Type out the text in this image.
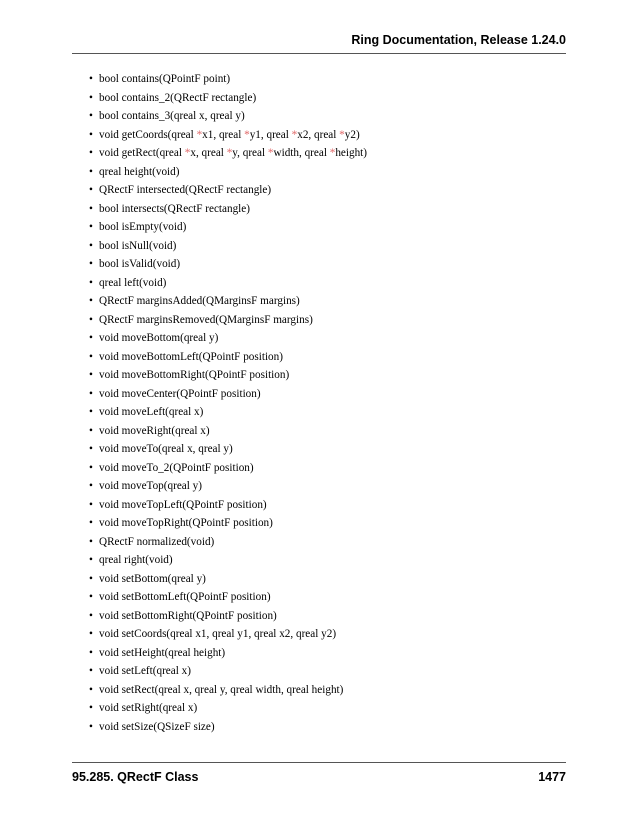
Ring Documentation, Release 1.24.0
• bool contains(QPointF point)
• bool contains_2(QRectF rectangle)
• bool contains_3(qreal x, qreal y)
• void getCoords(qreal *x1, qreal *y1, qreal *x2, qreal *y2)
• void getRect(qreal *x, qreal *y, qreal *width, qreal *height)
• qreal height(void)
• QRectF intersected(QRectF rectangle)
• bool intersects(QRectF rectangle)
• bool isEmpty(void)
• bool isNull(void)
• bool isValid(void)
• qreal left(void)
• QRectF marginsAdded(QMarginsF margins)
• QRectF marginsRemoved(QMarginsF margins)
• void moveBottom(qreal y)
• void moveBottomLeft(QPointF position)
• void moveBottomRight(QPointF position)
• void moveCenter(QPointF position)
• void moveLeft(qreal x)
• void moveRight(qreal x)
• void moveTo(qreal x, qreal y)
• void moveTo_2(QPointF position)
• void moveTop(qreal y)
• void moveTopLeft(QPointF position)
• void moveTopRight(QPointF position)
• QRectF normalized(void)
• qreal right(void)
• void setBottom(qreal y)
• void setBottomLeft(QPointF position)
• void setBottomRight(QPointF position)
• void setCoords(qreal x1, qreal y1, qreal x2, qreal y2)
• void setHeight(qreal height)
• void setLeft(qreal x)
• void setRect(qreal x, qreal y, qreal width, qreal height)
• void setRight(qreal x)
• void setSize(QSizeF size)
95.285. QRectF Class	1477
